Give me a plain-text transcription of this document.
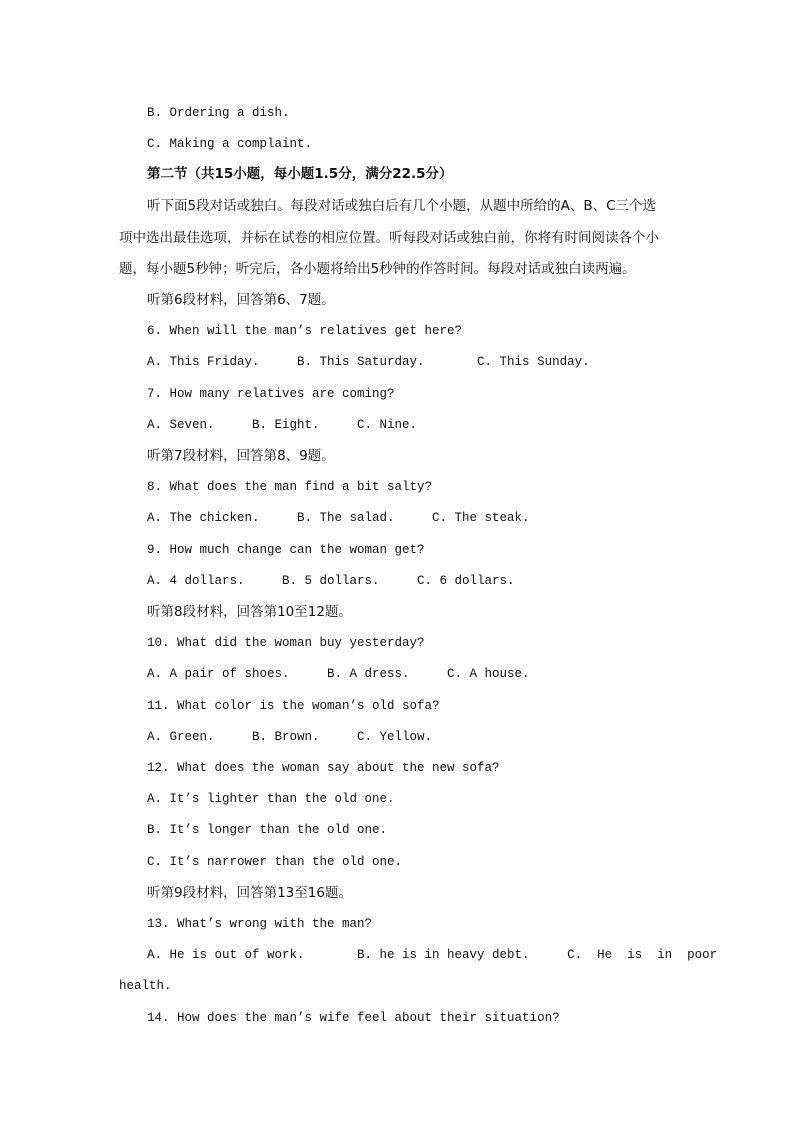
B. Ordering a dish.
C. Making a complaint.
第二节（共15小题，每小题1.5分，满分22.5分）
听下面5段对话或独白。每段对话或独白后有几个小题，从题中所给的A、B、C三个选
项中选出最佳选项，并标在试卷的相应位置。听每段对话或独白前，你将有时间阅读各个小
题，每小题5秒钟；听完后，各小题将给出5秒钟的作答时间。每段对话或独白读两遍。
听第6段材料，回答第6、7题。
6. When will the man’s relatives get here?
A. This Friday.     B. This Saturday.       C. This Sunday.
7. How many relatives are coming?
A. Seven.     B. Eight.     C. Nine.
听第7段材料，回答第8、9题。
8. What does the man find a bit salty?
A. The chicken.     B. The salad.     C. The steak.
9. How much change can the woman get?
A. 4 dollars.     B. 5 dollars.     C. 6 dollars.
听第8段材料，回答第10至12题。
10. What did the woman buy yesterday?
A. A pair of shoes.     B. A dress.     C. A house.
11. What color is the woman’s old sofa?
A. Green.     B. Brown.     C. Yellow.
12. What does the woman say about the new sofa?
A. It’s lighter than the old one.
B. It’s longer than the old one.
C. It’s narrower than the old one.
听第9段材料，回答第13至16题。
13. What’s wrong with the man?
A. He is out of work.       B. he is in heavy debt.     C.  He  is  in  poor
health.
14. How does the man’s wife feel about their situation?
